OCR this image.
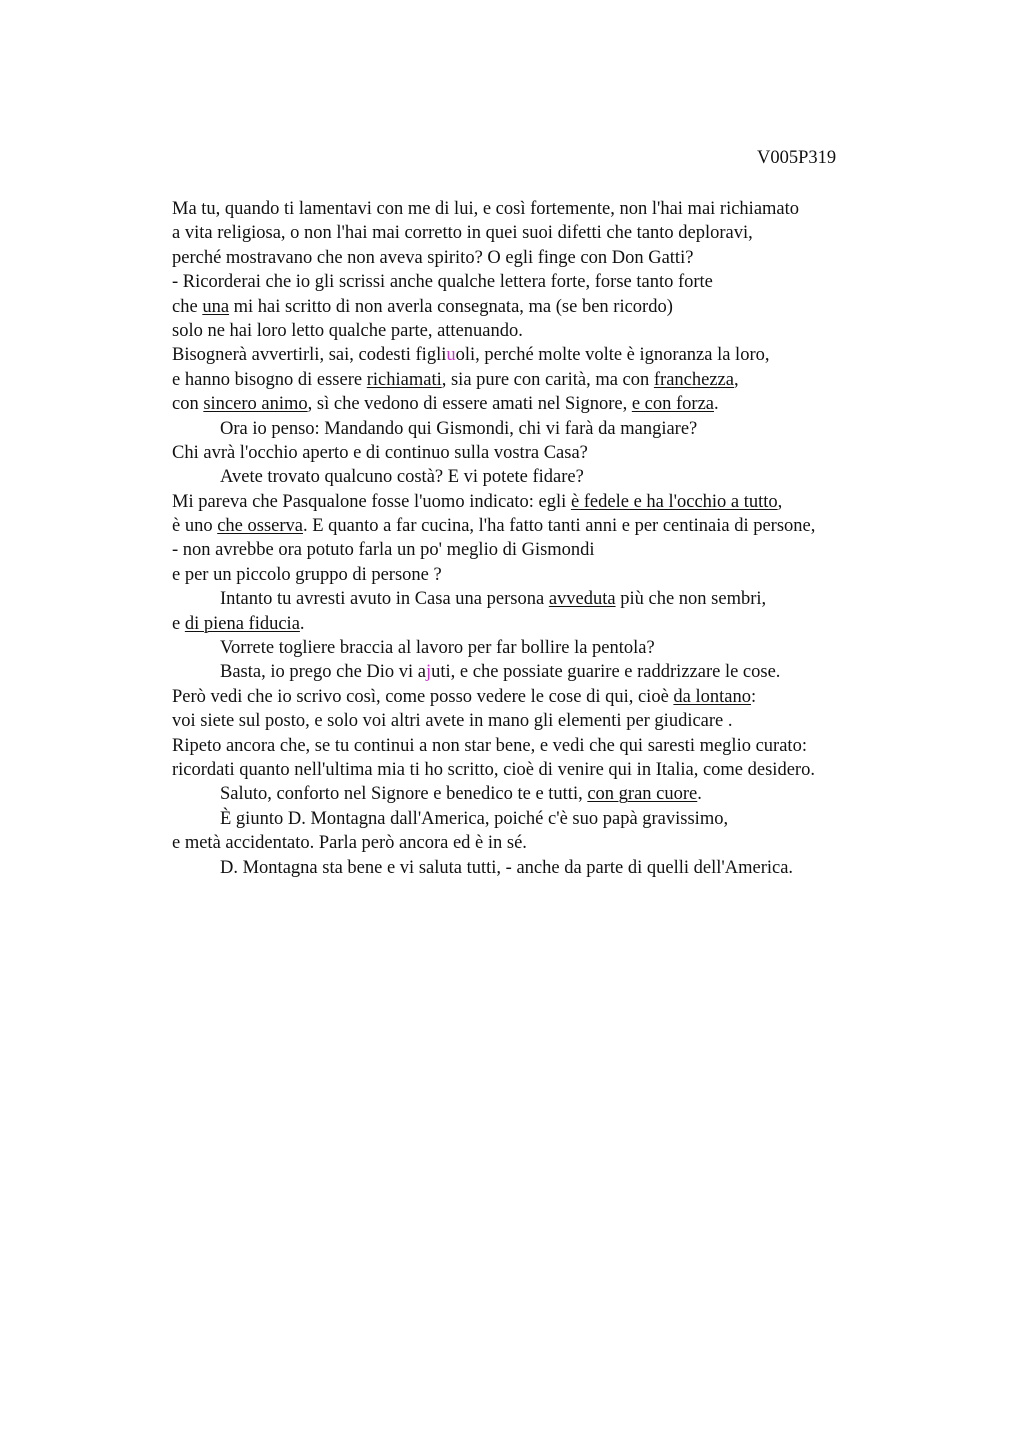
V005P319
Ma tu, quando ti lamentavi con me di lui, e così fortemente, non l'hai mai richiamato
a vita religiosa, o non l'hai mai corretto in quei suoi difetti che tanto deploravi,
perché mostravano che non aveva spirito? O egli finge con Don Gatti?
- Ricorderai che io gli scrissi anche qualche lettera forte, forse tanto forte
che una mi hai scritto di non averla consegnata, ma (se ben ricordo)
solo ne hai loro letto qualche parte, attenuando.
Bisognerà avvertirli, sai, codesti figliuoli, perché molte volte è ignoranza la loro,
e hanno bisogno di essere richiamati, sia pure con carità, ma con franchezza,
con sincero animo, sì che vedono di essere amati nel Signore, e con forza.
Ora io penso: Mandando qui Gismondi, chi vi farà da mangiare?
Chi avrà l'occhio aperto e di continuo sulla vostra Casa?
Avete trovato qualcuno costà? E vi potete fidare?
Mi pareva che Pasqualone fosse l'uomo indicato: egli è fedele e ha l'occhio a tutto,
è uno che osserva. E quanto a far cucina, l'ha fatto tanti anni e per centinaia di persone,
- non avrebbe ora potuto farla un po' meglio di Gismondi
e per un piccolo gruppo di persone ?
Intanto tu avresti avuto in Casa una persona avveduta più che non sembri,
e di piena fiducia.
Vorrete togliere braccia al lavoro per far bollire la pentola?
Basta, io prego che Dio vi ajuti, e che possiate guarire e raddrizzare le cose.
Però vedi che io scrivo così, come posso vedere le cose di qui, cioè da lontano:
voi siete sul posto, e solo voi altri avete in mano gli elementi per giudicare .
Ripeto ancora che, se tu continui a non star bene, e vedi che qui saresti meglio curato:
ricordati quanto nell'ultima mia ti ho scritto, cioè di venire qui in Italia, come desidero.
Saluto, conforto nel Signore e benedico te e tutti, con gran cuore.
È giunto D. Montagna dall'America, poiché c'è suo papà gravissimo,
e metà accidentato. Parla però ancora ed è in sé.
D. Montagna sta bene e vi saluta tutti, - anche da parte di quelli dell'America.
